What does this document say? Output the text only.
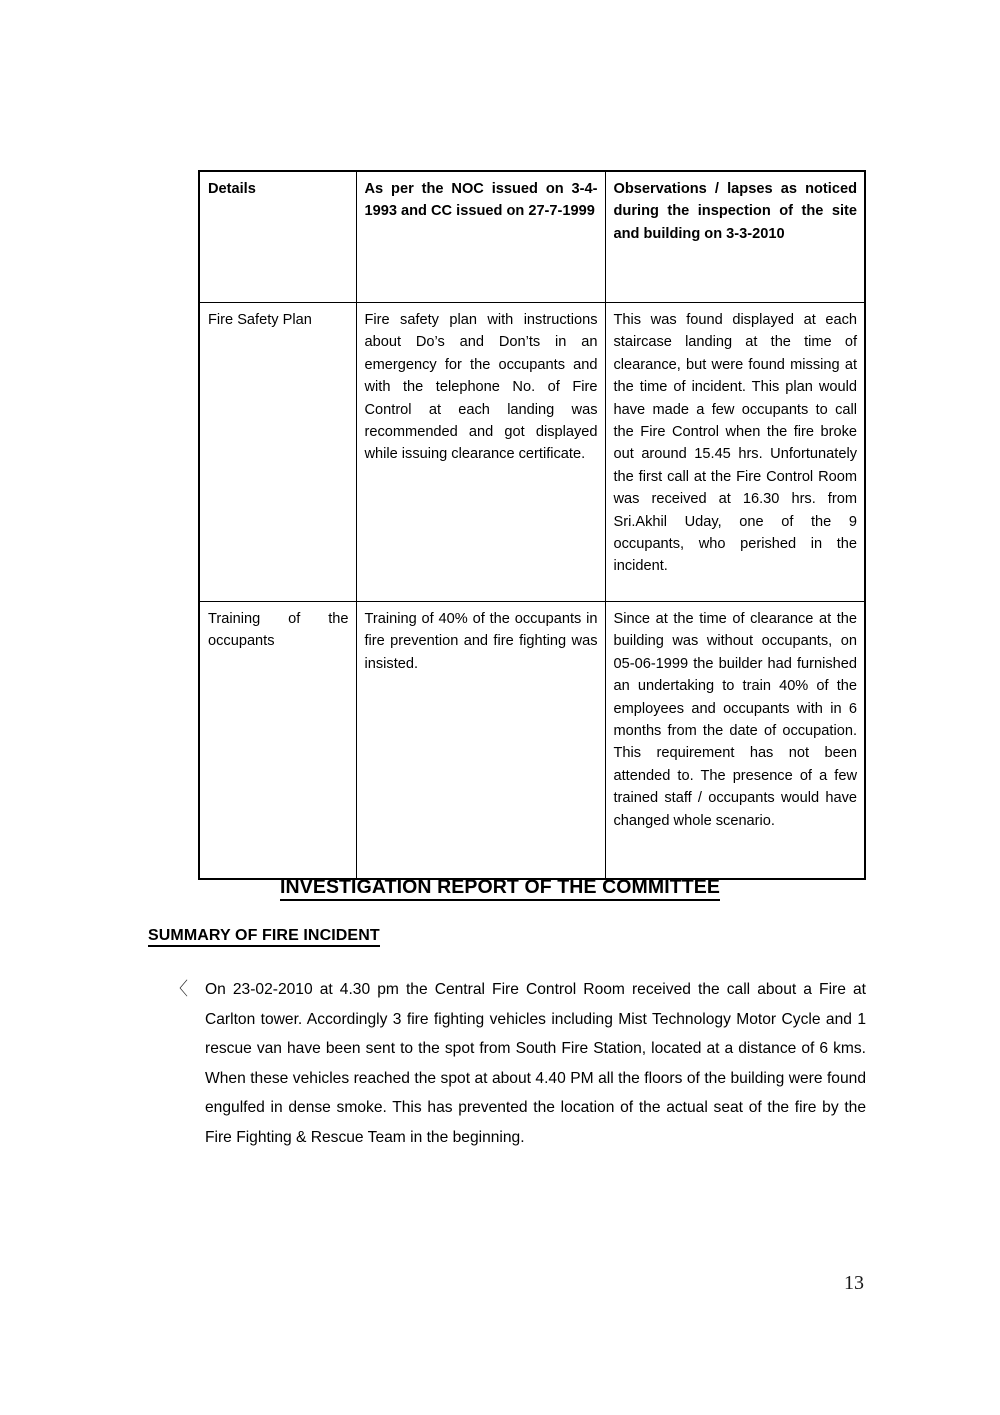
Details	As per the NOC issued on 3-4-1993 and CC issued on 27-7-1999	Observations / lapses as noticed during the inspection of the site and building on 3-3-2010
Fire Safety Plan	Fire safety plan with instructions about Do’s and Don’ts in an emergency for the occupants and with the telephone No. of Fire Control at each landing was recommended and got displayed while issuing clearance certificate.	This was found displayed at each staircase landing at the time of clearance, but were found missing at the time of incident. This plan would have made a few occupants to call the Fire Control when the fire broke out around 15.45 hrs. Unfortunately the first call at the Fire Control Room was received at 16.30 hrs. from Sri.Akhil Uday, one of the 9 occupants, who perished in the incident.
Training of the occupants	Training of 40% of the occupants in fire prevention and fire fighting was insisted.	Since at the time of clearance at the building was without occupants, on 05-06-1999 the builder had furnished an undertaking to train 40% of the employees and occupants with in 6 months from the date of occupation. This requirement has not been attended to. The presence of a few trained staff / occupants would have changed whole scenario.
INVESTIGATION REPORT OF THE COMMITTEE
SUMMARY OF FIRE INCIDENT
〈 On 23-02-2010 at 4.30 pm the Central Fire Control Room received the call about a Fire at Carlton tower. Accordingly 3 fire fighting vehicles including Mist Technology Motor Cycle and 1 rescue van have been sent to the spot from South Fire Station, located at a distance of 6 kms. When these vehicles reached the spot at about 4.40 PM all the floors of the building were found engulfed in dense smoke. This has prevented the location of the actual seat of the fire by the Fire Fighting & Rescue Team in the beginning.
13
